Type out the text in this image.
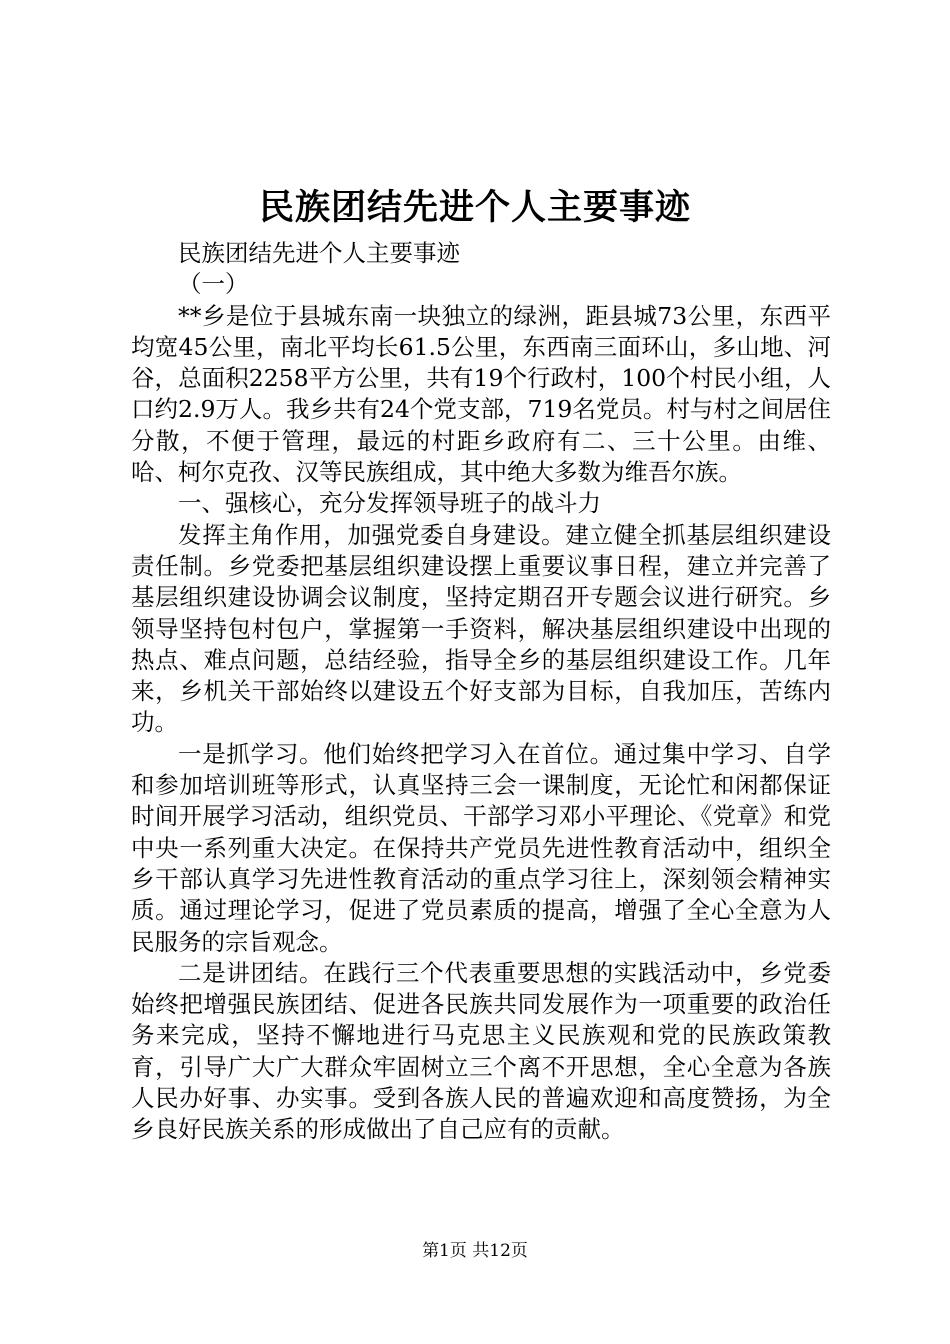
民族团结先进个人主要事迹

民族团结先进个人主要事迹

（一）

**乡是位于县城东南一块独立的绿洲，距县城73公里，东西平均宽45公里，南北平均长61.5公里，东西南三面环山，多山地、河谷，总面积2258平方公里，共有19个行政村，100个村民小组，人口约2.9万人。我乡共有24个党支部，719名党员。村与村之间居住分散，不便于管理，最远的村距乡政府有二、三十公里。由维、哈、柯尔克孜、汉等民族组成，其中绝大多数为维吾尔族。

一、强核心，充分发挥领导班子的战斗力

发挥主角作用，加强党委自身建设。建立健全抓基层组织建设责任制。乡党委把基层组织建设摆上重要议事日程，建立并完善了基层组织建设协调会议制度，坚持定期召开专题会议进行研究。乡领导坚持包村包户，掌握第一手资料，解决基层组织建设中出现的热点、难点问题，总结经验，指导全乡的基层组织建设工作。几年来，乡机关干部始终以建设五个好支部为目标，自我加压，苦练内功。

一是抓学习。他们始终把学习入在首位。通过集中学习、自学和参加培训班等形式，认真坚持三会一课制度，无论忙和闲都保证时间开展学习活动，组织党员、干部学习邓小平理论、《党章》和党中央一系列重大决定。在保持共产党员先进性教育活动中，组织全乡干部认真学习先进性教育活动的重点学习往上，深刻领会精神实质。通过理论学习，促进了党员素质的提高，增强了全心全意为人民服务的宗旨观念。

二是讲团结。在践行三个代表重要思想的实践活动中，乡党委始终把增强民族团结、促进各民族共同发展作为一项重要的政治任务来完成，坚持不懈地进行马克思主义民族观和党的民族政策教育，引导广大广大群众牢固树立三个离不开思想，全心全意为各族人民办好事、办实事。受到各族人民的普遍欢迎和高度赞扬，为全乡良好民族关系的形成做出了自己应有的贡献。

第1页 共12页
